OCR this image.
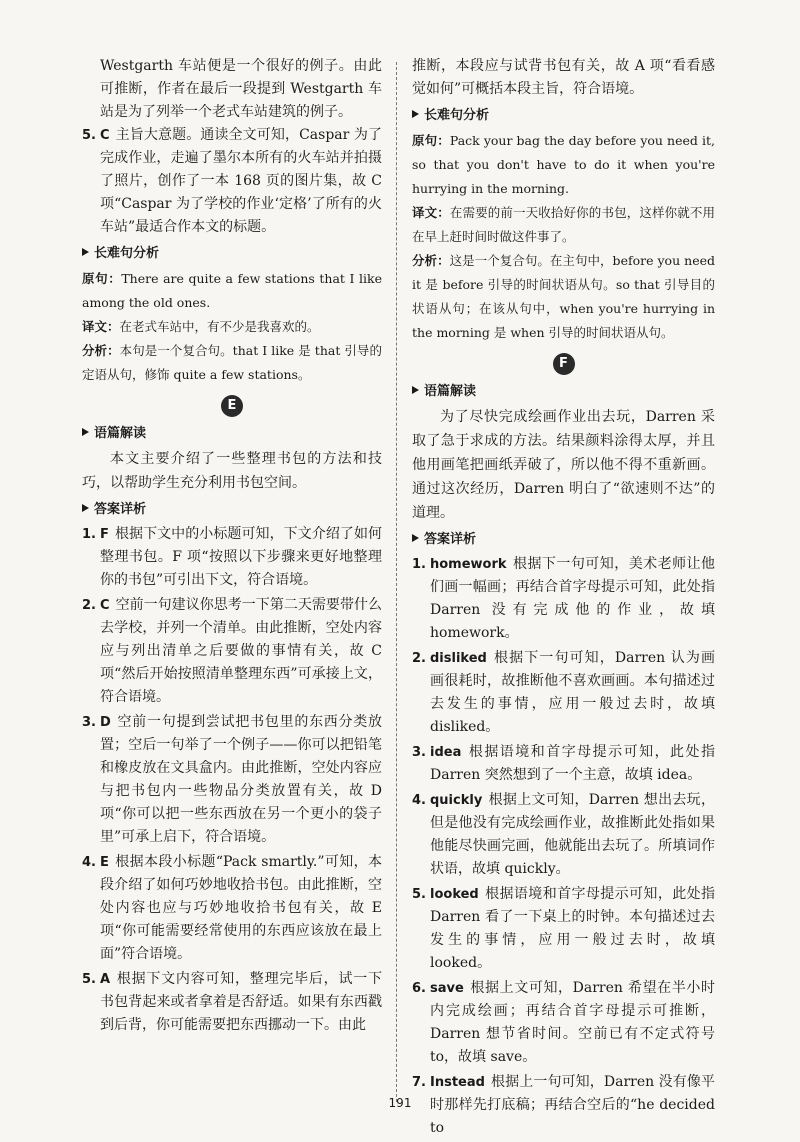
Westgarth 车站便是一个很好的例子。由此可推断，作者在最后一段提到 Westgarth 车站是为了列举一个老式车站建筑的例子。

5. C 主旨大意题。通读全文可知，Caspar 为了完成作业，走遍了墨尔本所有的火车站并拍摄了照片，创作了一本 168 页的图片集，故 C 项“Caspar 为了学校的作业‘定格’了所有的火车站”最适合作本文的标题。
长难句分析

原句：There are quite a few stations that I like among the old ones.

译文：在老式车站中，有不少是我喜欢的。

分析：本句是一个复合句。that I like 是 that 引导的定语从句，修饰 quite a few stations。

E
语篇解读

本文主要介绍了一些整理书包的方法和技巧，以帮助学生充分利用书包空间。

答案详析
1. F 根据下文中的小标题可知，下文介绍了如何整理书包。F 项“按照以下步骤来更好地整理你的书包”可引出下文，符合语境。
2. C 空前一句建议你思考一下第二天需要带什么去学校，并列一个清单。由此推断，空处内容应与列出清单之后要做的事情有关，故 C 项“然后开始按照清单整理东西”可承接上文，符合语境。
3. D 空前一句提到尝试把书包里的东西分类放置；空后一句举了一个例子——你可以把铅笔和橡皮放在文具盒内。由此推断，空处内容应与把书包内一些物品分类放置有关，故 D 项“你可以把一些东西放在另一个更小的袋子里”可承上启下，符合语境。
4. E 根据本段小标题“Pack smartly.”可知，本段介绍了如何巧妙地收拾书包。由此推断，空处内容也应与巧妙地收拾书包有关，故 E 项“你可能需要经常使用的东西应该放在最上面”符合语境。
5. A 根据下文内容可知，整理完毕后，试一下书包背起来或者拿着是否舒适。如果有东西戳到后背，你可能需要把东西挪动一下。由此

推断，本段应与试背书包有关，故 A 项“看看感觉如何”可概括本段主旨，符合语境。

长难句分析

原句：Pack your bag the day before you need it, so that you don't have to do it when you're hurrying in the morning.

译文：在需要的前一天收拾好你的书包，这样你就不用在早上赶时间时做这件事了。

分析：这是一个复合句。在主句中，before you need it 是 before 引导的时间状语从句。so that 引导目的状语从句；在该从句中，when you're hurrying in the morning 是 when 引导的时间状语从句。

F
语篇解读

为了尽快完成绘画作业出去玩，Darren 采取了急于求成的方法。结果颜料涂得太厚，并且他用画笔把画纸弄破了，所以他不得不重新画。通过这次经历，Darren 明白了“欲速则不达”的道理。

答案详析
1. homework 根据下一句可知，美术老师让他们画一幅画；再结合首字母提示可知，此处指 Darren 没有完成他的作业，故填 homework。
2. disliked 根据下一句可知，Darren 认为画画很耗时，故推断他不喜欢画画。本句描述过去发生的事情，应用一般过去时，故填 disliked。
3. idea 根据语境和首字母提示可知，此处指 Darren 突然想到了一个主意，故填 idea。
4. quickly 根据上文可知，Darren 想出去玩，但是他没有完成绘画作业，故推断此处指如果他能尽快画完画，他就能出去玩了。所填词作状语，故填 quickly。
5. looked 根据语境和首字母提示可知，此处指 Darren 看了一下桌上的时钟。本句描述过去发生的事情，应用一般过去时，故填 looked。
6. save 根据上文可知，Darren 希望在半小时内完成绘画；再结合首字母提示可推断，Darren 想节省时间。空前已有不定式符号 to，故填 save。
7. Instead 根据上一句可知，Darren 没有像平时那样先打底稿；再结合空后的“he decided to
191
